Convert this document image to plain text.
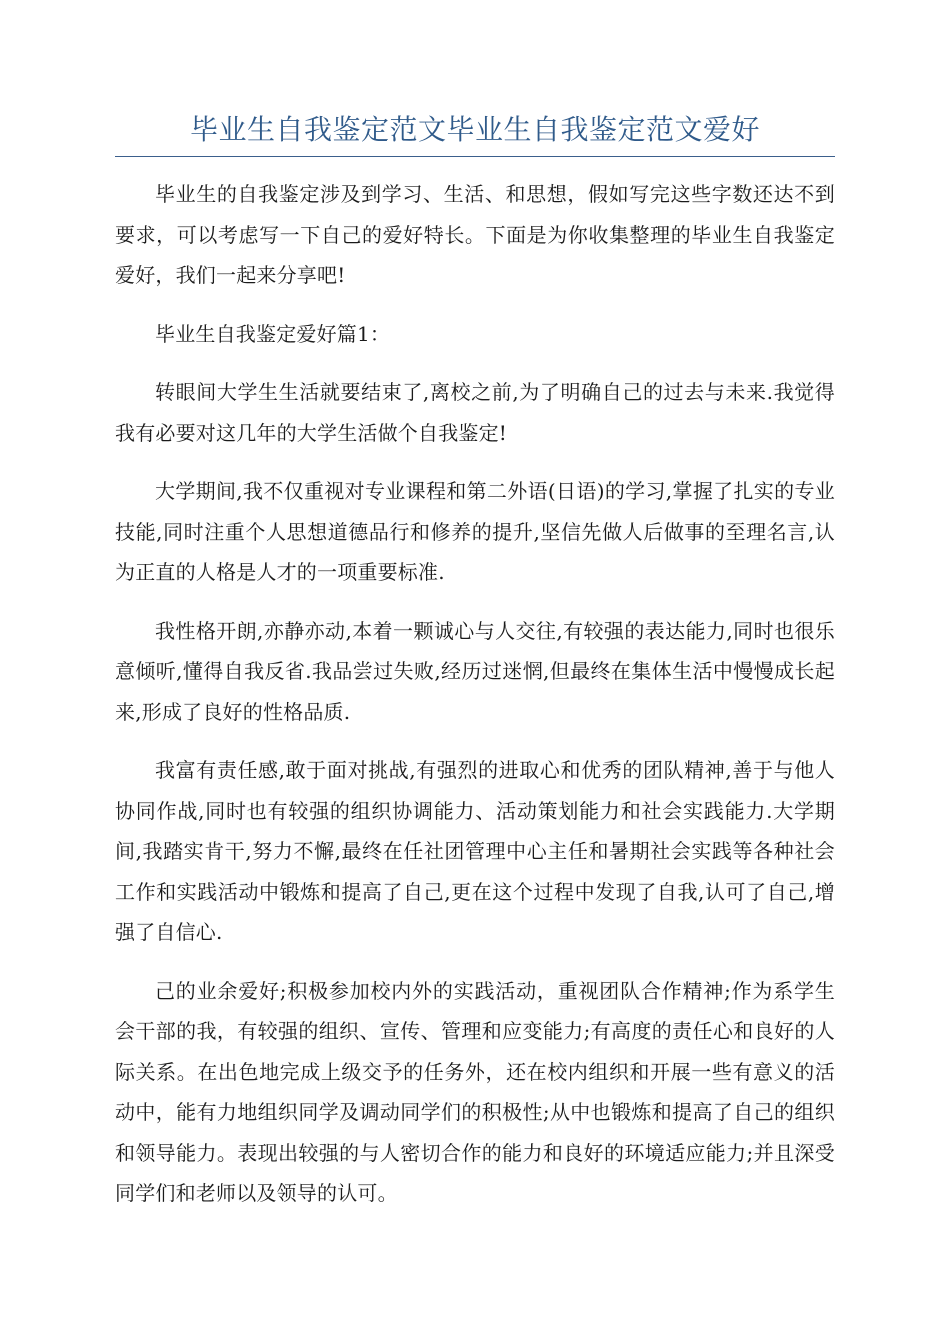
毕业生自我鉴定范文毕业生自我鉴定范文爱好

毕业生的自我鉴定涉及到学习、生活、和思想，假如写完这些字数还达不到要求，可以考虑写一下自己的爱好特长。下面是为你收集整理的毕业生自我鉴定爱好，我们一起来分享吧!

毕业生自我鉴定爱好篇1：

转眼间大学生生活就要结束了,离校之前,为了明确自己的过去与未来.我觉得我有必要对这几年的大学生活做个自我鉴定!

大学期间,我不仅重视对专业课程和第二外语(日语)的学习,掌握了扎实的专业技能,同时注重个人思想道德品行和修养的提升,坚信先做人后做事的至理名言,认为正直的人格是人才的一项重要标准.

我性格开朗,亦静亦动,本着一颗诚心与人交往,有较强的表达能力,同时也很乐意倾听,懂得自我反省.我品尝过失败,经历过迷惘,但最终在集体生活中慢慢成长起来,形成了良好的性格品质.

我富有责任感,敢于面对挑战,有强烈的进取心和优秀的团队精神,善于与他人协同作战,同时也有较强的组织协调能力、活动策划能力和社会实践能力.大学期间,我踏实肯干,努力不懈,最终在任社团管理中心主任和暑期社会实践等各种社会工作和实践活动中锻炼和提高了自己,更在这个过程中发现了自我,认可了自己,增强了自信心.

己的业余爱好;积极参加校内外的实践活动，重视团队合作精神;作为系学生会干部的我，有较强的组织、宣传、管理和应变能力;有高度的责任心和良好的人际关系。在出色地完成上级交予的任务外，还在校内组织和开展一些有意义的活动中，能有力地组织同学及调动同学们的积极性;从中也锻炼和提高了自己的组织和领导能力。表现出较强的与人密切合作的能力和良好的环境适应能力;并且深受同学们和老师以及领导的认可。
